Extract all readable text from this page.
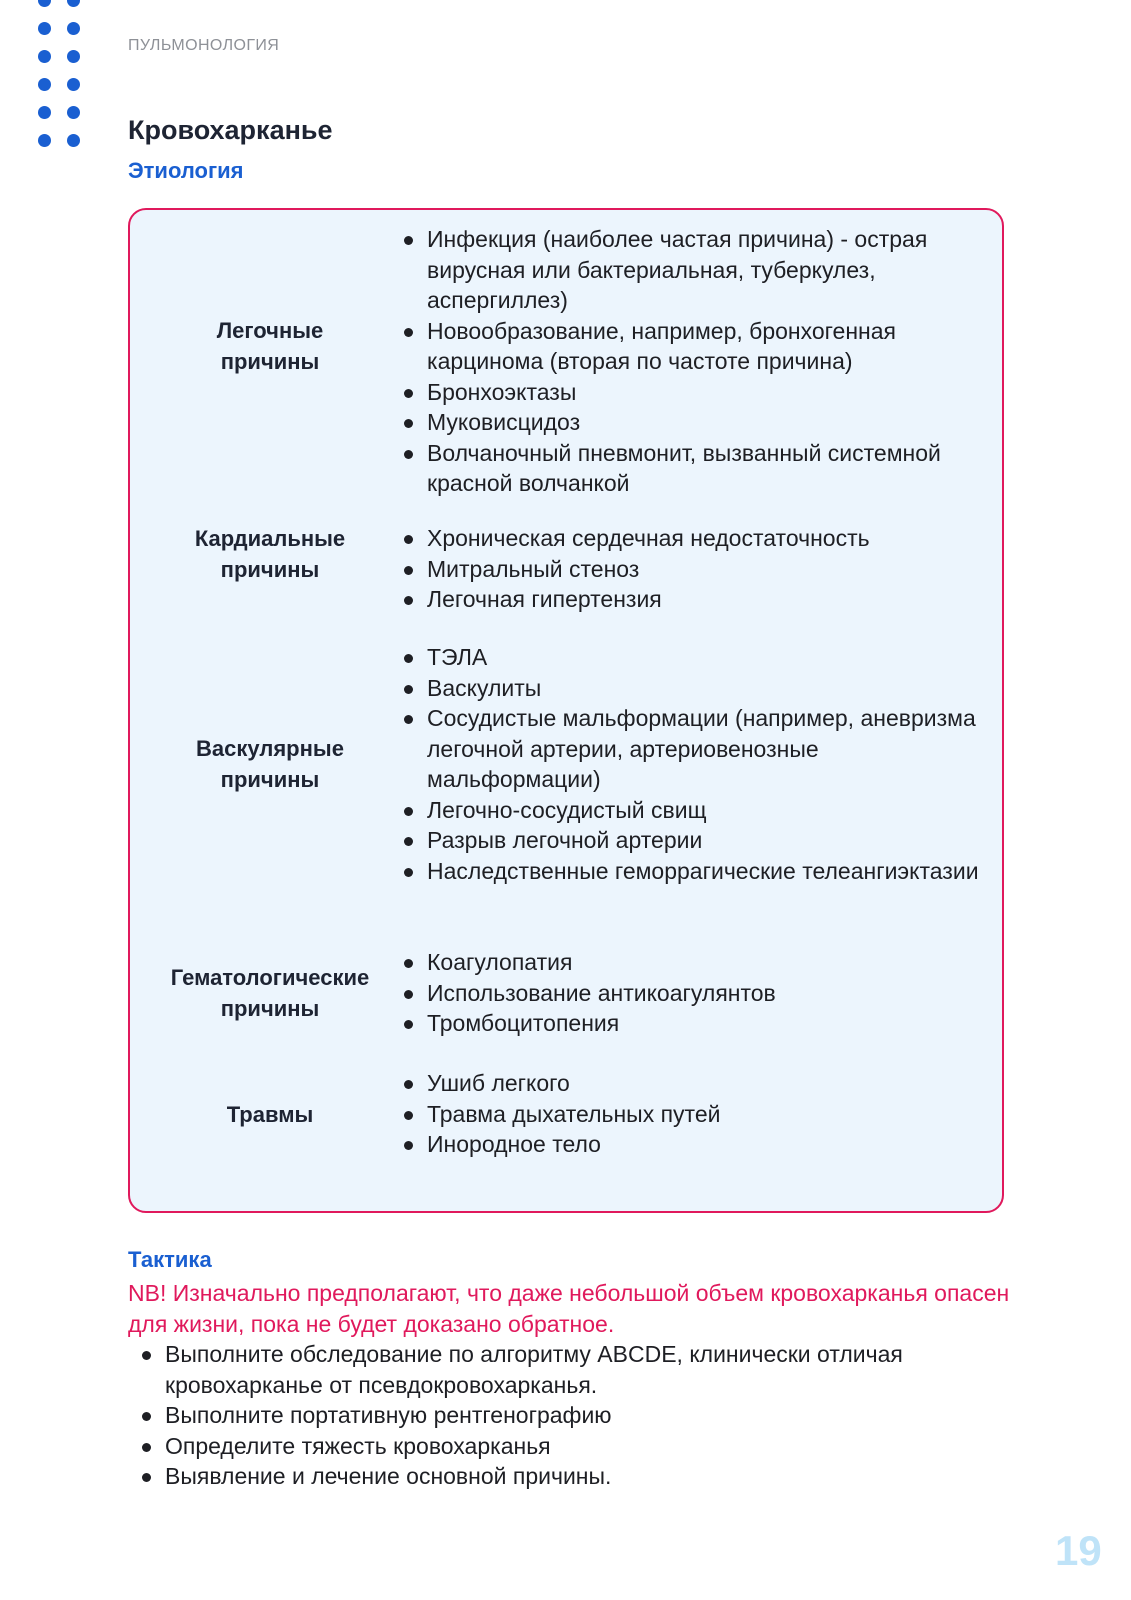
ПУЛЬМОНОЛОГИЯ
Кровохарканье
Этиология
Легочные
причины
Инфекция (наиболее частая причина) - острая вирусная или бактериальная, туберкулез, аспергиллез)
Новообразование, например, бронхогенная карцинома (вторая по частоте причина)
Бронхоэктазы
Муковисцидоз
Волчаночный пневмонит, вызванный системной красной волчанкой
Кардиальные
причины
Хроническая сердечная недостаточность
Митральный стеноз
Легочная гипертензия
Васкулярные
причины
ТЭЛА
Васкулиты
Сосудистые мальформации (например, аневризма легочной артерии, артериовенозные мальформации)
Легочно-сосудистый свищ
Разрыв легочной артерии
Наследственные геморрагические телеангиэктазии
Гематологические
причины
Коагулопатия
Использование антикоагулянтов
Тромбоцитопения
Травмы
Ушиб легкого
Травма дыхательных путей
Инородное тело
Тактика
NB! Изначально предполагают, что даже небольшой объем кровохарканья опасен для жизни, пока не будет доказано обратное.
Выполните обследование по алгоритму ABCDE, клинически отличая кровохарканье от псевдокровохарканья.
Выполните портативную рентгенографию
Определите тяжесть кровохарканья
Выявление и лечение основной причины.
19
